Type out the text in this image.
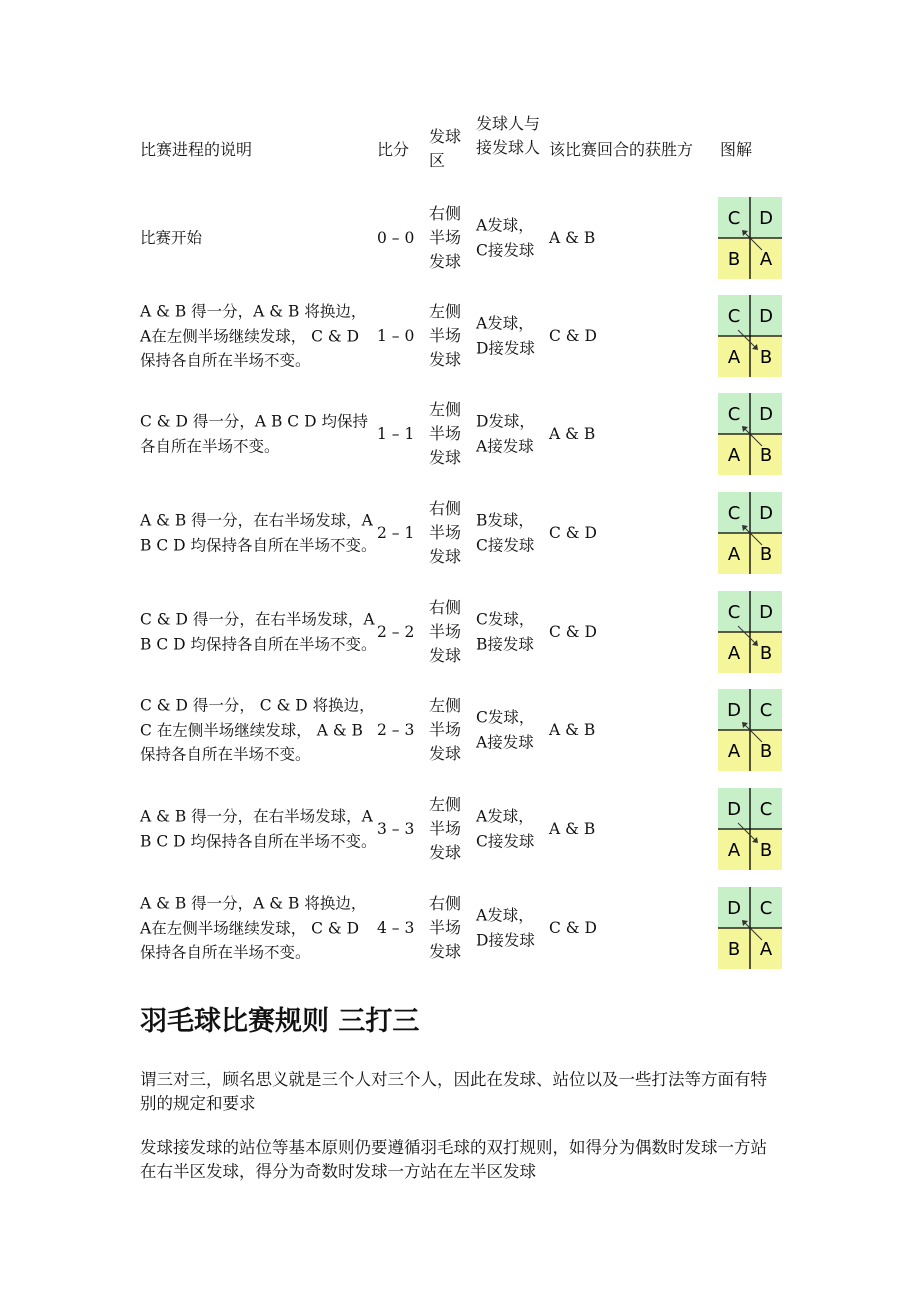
比赛进程的说明	比分
发球区
发球人与接发球人 该比赛回合的获胜方 图解
比赛开始	0 – 0
右侧半场发球
A发球，
C接发球
A & B
C D
B A
A & B 得一分，A & B 将换边， A在左侧半场继续发球， C & D 保持各自所在半场不变。
1 – 0
左侧半场发球
A发球，
D接发球
C & D
C D
A B
C & D 得一分，A B C D 均保持各自所在半场不变。
1 – 1
左侧半场发球
D发球，
A接发球
A & B
C D
A B
A & B 得一分，在右半场发球，A B C D 均保持各自所在半场不变。
2 – 1
右侧半场发球
B发球，
C接发球
C & D
C D
A B
C & D 得一分，在右半场发球，A B C D 均保持各自所在半场不变。
2 – 2
右侧半场发球
C发球，
B接发球
C & D
C D
A B
C & D 得一分， C & D 将换边， C 在左侧半场继续发球， A & B 保持各自所在半场不变。
2 – 3
左侧半场发球
C发球，
A接发球
A & B
D C
A B
A & B 得一分，在右半场发球，A B C D 均保持各自所在半场不变。
3 – 3
左侧半场发球
A发球，
C接发球
A & B
D C
A B
A & B 得一分，A & B 将换边， A在左侧半场继续发球， C & D 保持各自所在半场不变。
4 – 3
右侧半场发球
A发球，
D接发球
C & D
D C
B A
羽毛球比赛规则 三打三

谓三对三，顾名思义就是三个人对三个人，因此在发球、站位以及一些打法等方面有特别的规定和要求

发球接发球的站位等基本原则仍要遵循羽毛球的双打规则，如得分为偶数时发球一方站在右半区发球，得分为奇数时发球一方站在左半区发球
